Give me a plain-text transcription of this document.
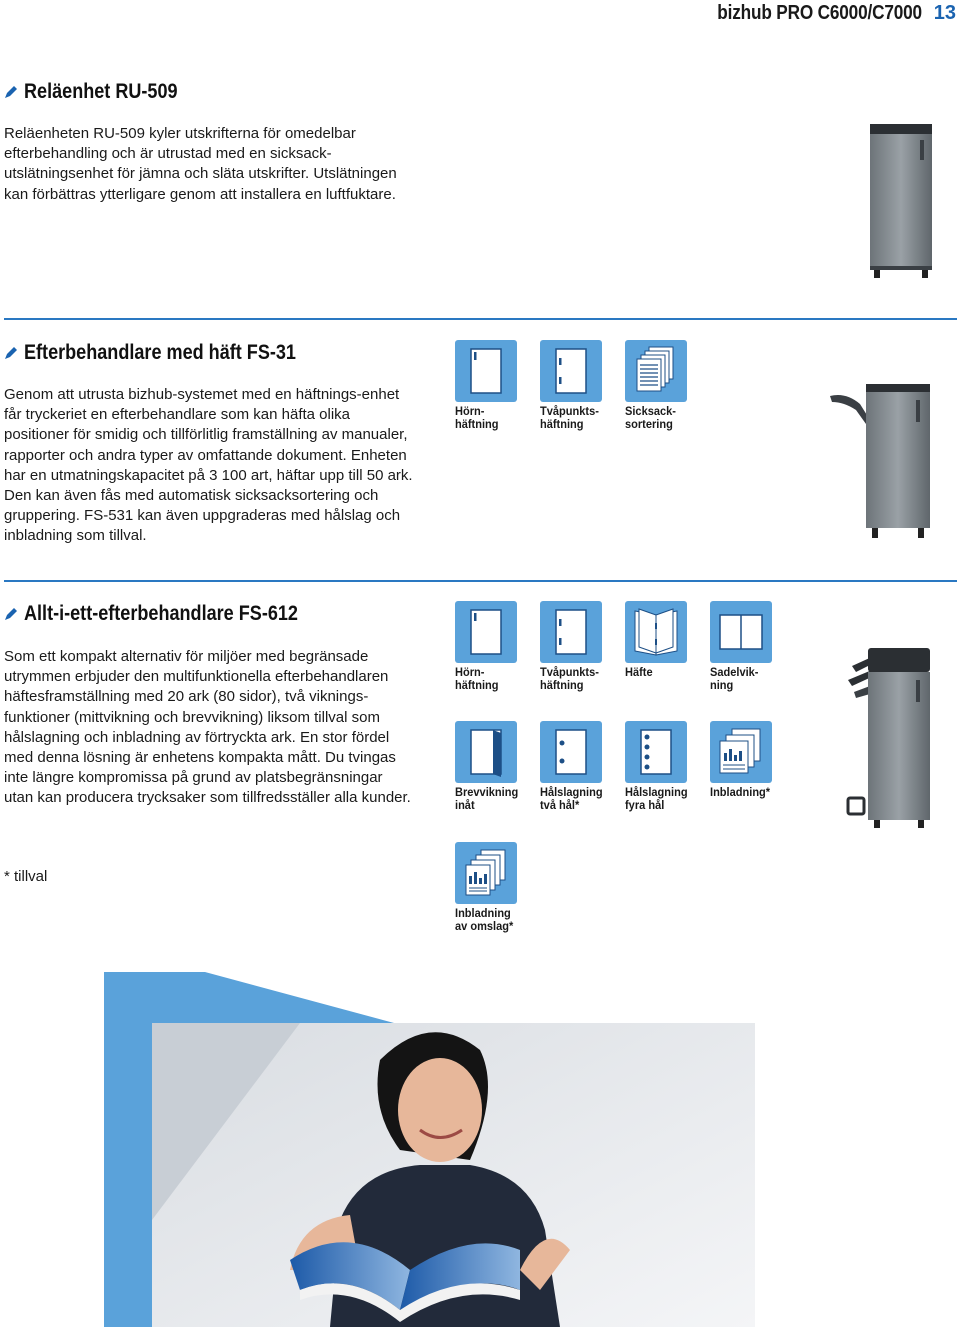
bizhub PRO C6000/C7000 13
Reläenhet RU-509
Reläenheten RU-509 kyler utskrifterna för omedelbar efterbehandling och är utrustad med en sicksack-utslätningsenhet för jämna och släta utskrifter. Utslätningen kan förbättras ytterligare genom att installera en luftfuktare.
Efterbehandlare med häft FS-31
Genom att utrusta bizhub-systemet med en häftnings-enhet får tryckeriet en efterbehandlare som kan häfta olika positioner för smidig och tillförlitlig framställning av manualer, rapporter och andra typer av omfattande dokument. Enheten har en utmatningskapacitet på 3 100 art, häftar upp till 50 ark. Den kan även fås med automatisk sicksacksortering och gruppering. FS-531 kan även uppgraderas med hålslag och inbladning som tillval.
Hörn-
häftning
Tvåpunkts-
häftning
Sicksack-
sortering
Allt-i-ett-efterbehandlare FS-612
Som ett kompakt alternativ för miljöer med begränsade utrymmen erbjuder den multifunktionella efterbehandlaren häftesframställning med 20 ark (80 sidor), två viknings-funktioner (mittvikning och brevvikning) liksom tillval som hålslagning och inbladning av förtryckta ark. En stor fördel med denna lösning är enhetens kompakta mått. Du tvingas inte längre kompromissa på grund av platsbegränsningar utan kan producera trycksaker som tillfredsställer alla kunder.
Hörn-
häftning
Tvåpunkts-
häftning
Häfte	Sadelvik-
ning
Brevvikning
inåt
Hålslagning
två hål*
Hålslagning
fyra hål
Inbladning*
Inbladning
av omslag*
* tillval
